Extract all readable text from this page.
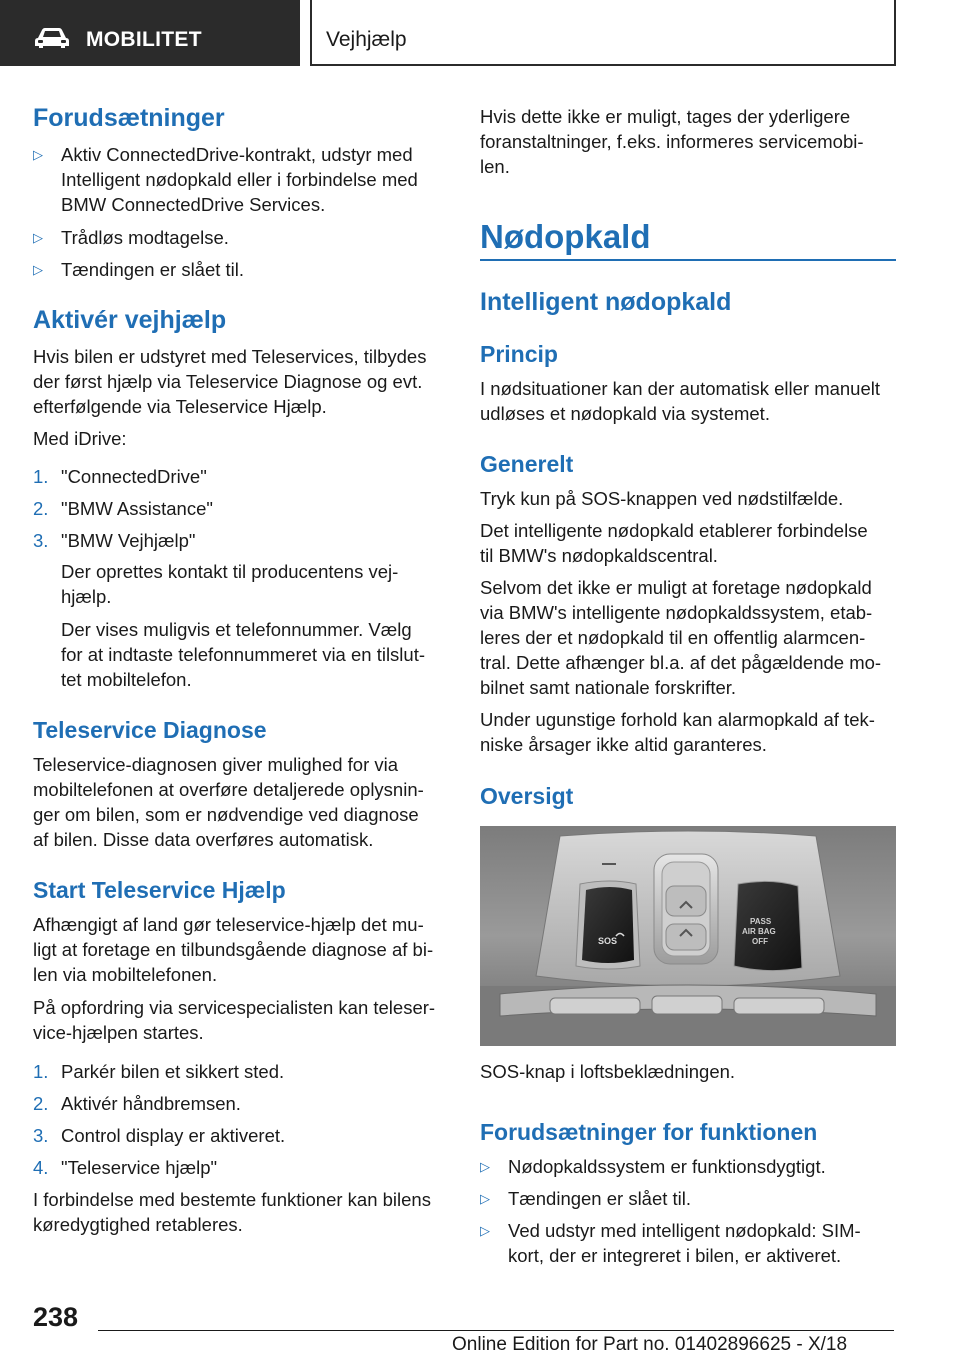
MOBILITET	Vejhjælp
Forudsætninger
▷ Aktiv ConnectedDrive-kontrakt, udstyr med
Intelligent nødopkald eller i forbindelse med
BMW ConnectedDrive Services.
▷ Trådløs modtagelse.
▷ Tændingen er slået til.
Aktivér vejhjælp

Hvis bilen er udstyret med Teleservices, tilbydes

der først hjælp via Teleservice Diagnose og evt.

efterfølgende via Teleservice Hjælp.

Med iDrive:

1. "ConnectedDrive"
2. "BMW Assistance"
3. "BMW Vejhjælp"

Der oprettes kontakt til producentens vej-

hjælp.

Der vises muligvis et telefonnummer. Vælg

for at indtaste telefonnummeret via en tilslut-

tet mobiltelefon.

Teleservice Diagnose

Teleservice-diagnosen giver mulighed for via

mobiltelefonen at overføre detaljerede oplysnin-

ger om bilen, som er nødvendige ved diagnose

af bilen. Disse data overføres automatisk.

Start Teleservice Hjælp

Afhængigt af land gør teleservice-hjælp det mu-

ligt at foretage en tilbundsgående diagnose af bi-

len via mobiltelefonen.

På opfordring via servicespecialisten kan teleser-

vice-hjælpen startes.

1. Parkér bilen et sikkert sted.
2. Aktivér håndbremsen.
3. Control display er aktiveret.
4. "Teleservice hjælp"

I forbindelse med bestemte funktioner kan bilens

køredygtighed retableres.

Hvis dette ikke er muligt, tages der yderligere

foranstaltninger, f.eks. informeres servicemobi-

len.

Nødopkald
Intelligent nødopkald
Princip

I nødsituationer kan der automatisk eller manuelt

udløses et nødopkald via systemet.

Generelt

Tryk kun på SOS-knappen ved nødstilfælde.

Det intelligente nødopkald etablerer forbindelse

til BMW's nødopkaldscentral.

Selvom det ikke er muligt at foretage nødopkald

via BMW's intelligente nødopkaldssystem, etab-

leres der et nødopkald til en offentlig alarmcen-

tral. Dette afhænger bl.a. af det pågældende mo-

bilnet samt nationale forskrifter.

Under ugunstige forhold kan alarmopkald af tek-

niske årsager ikke altid garanteres.

Oversigt

SOS-knap i loftsbeklædningen.

Forudsætninger for funktionen
▷ Nødopkaldssystem er funktionsdygtigt.
▷ Tændingen er slået til.
▷ Ved udstyr med intelligent nødopkald: SIM-
kort, der er integreret i bilen, er aktiveret.
SOS
PASS
AIR BAG
OFF
238
Online Edition for Part no. 01402896625 - X/18
